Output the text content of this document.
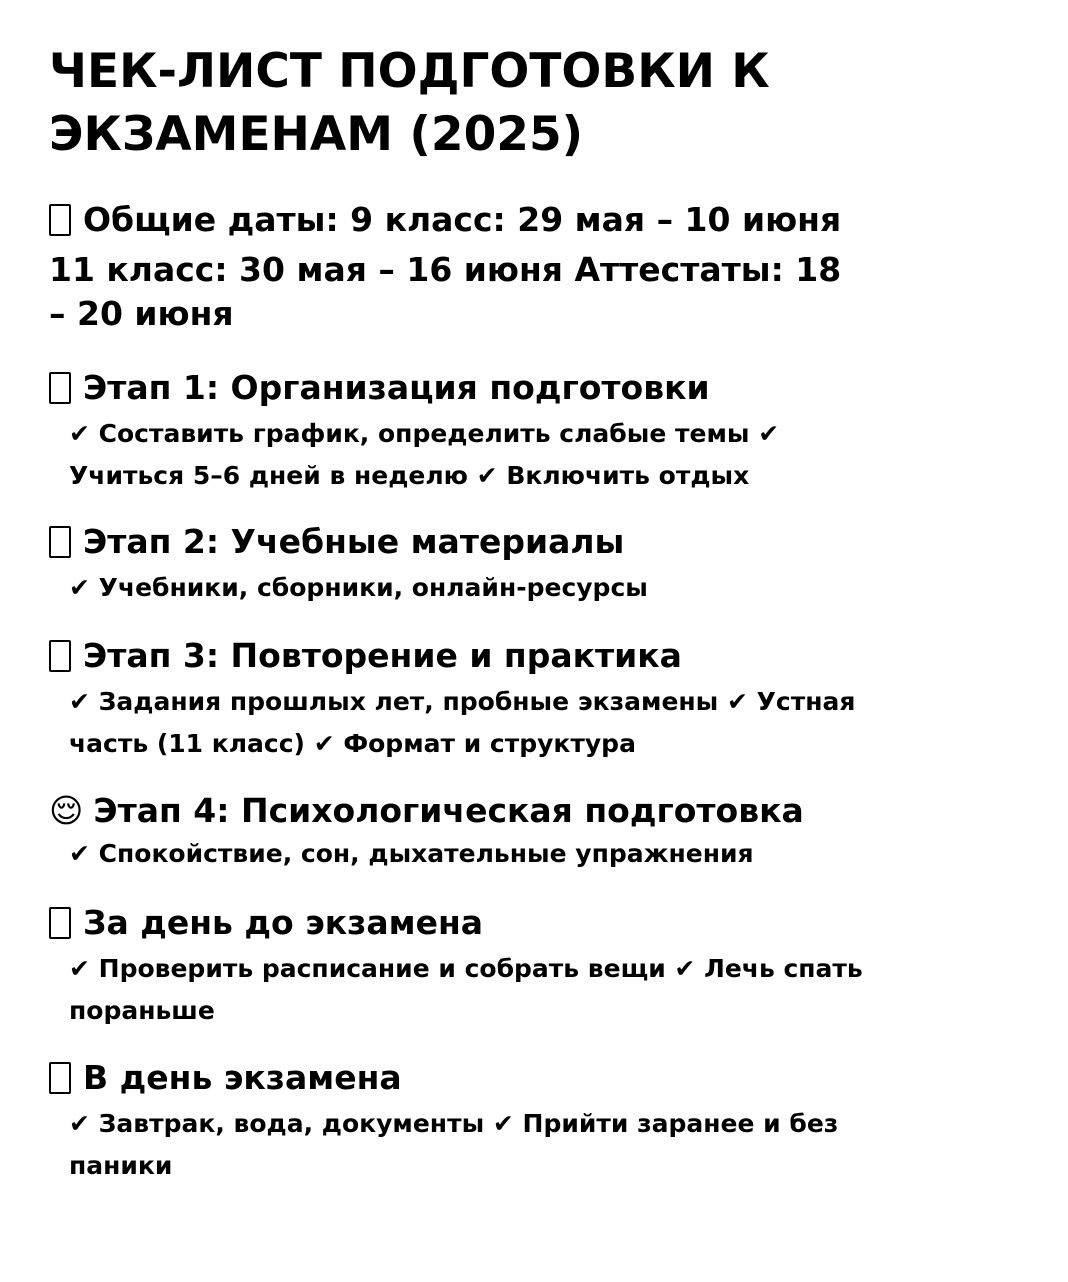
ЧЕК-ЛИСТ ПОДГОТОВКИ К
ЭКЗАМЕНАМ (2025)

Общие даты: 9 класс: 29 мая – 10 июня

11 класс: 30 мая – 16 июня Аттестаты: 18

– 20 июня

Этап 1: Организация подготовки

✔ Составить график, определить слабые темы ✔
Учиться 5–6 дней в неделю ✔ Включить отдых

Этап 2: Учебные материалы

✔ Учебники, сборники, онлайн-ресурсы

Этап 3: Повторение и практика

✔ Задания прошлых лет, пробные экзамены ✔ Устная
часть (11 класс) ✔ Формат и структура

😌 Этап 4: Психологическая подготовка

✔ Спокойствие, сон, дыхательные упражнения

За день до экзамена

✔ Проверить расписание и собрать вещи ✔ Лечь спать
пораньше

В день экзамена

✔ Завтрак, вода, документы ✔ Прийти заранее и без
паники
